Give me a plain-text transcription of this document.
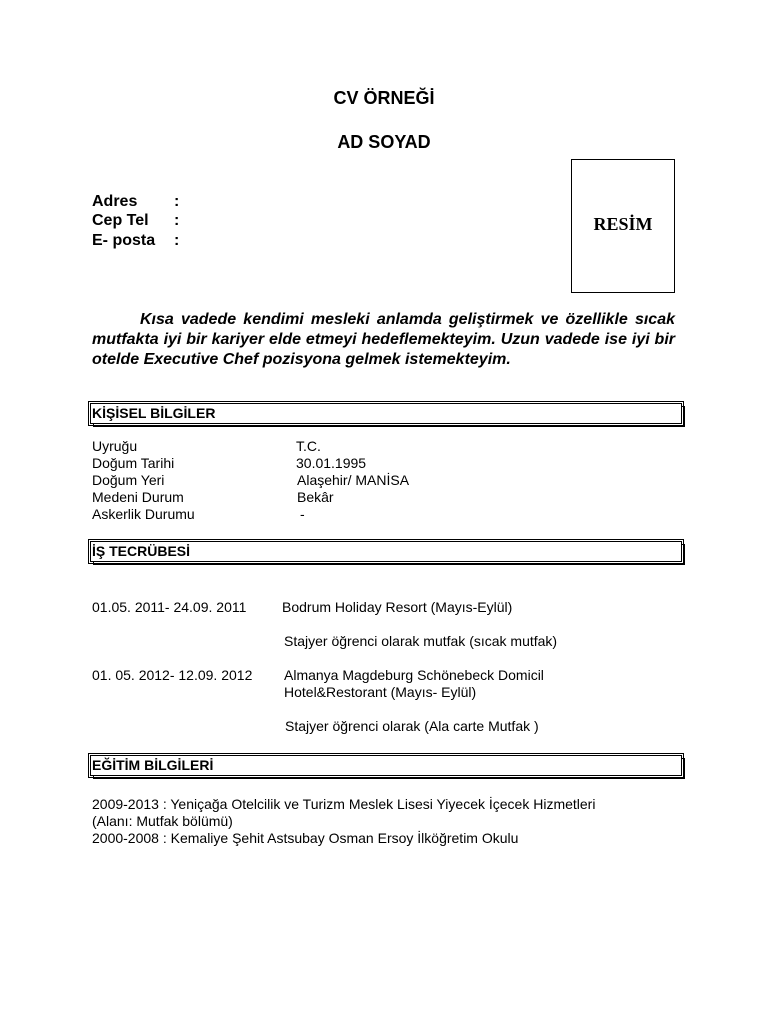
CV ÖRNEĞİ
AD SOYAD
Adres :
Cep Tel :
E- posta :
RESİM
Kısa vadede kendimi mesleki anlamda geliştirmek ve özellikle sıcak mutfakta iyi bir kariyer elde etmeyi hedeflemekteyim. Uzun vadede ise iyi bir otelde Executive Chef pozisyona gelmek istemekteyim.
KİŞİSEL BİLGİLER
Uyruğu	T.C.
Doğum Tarihi	30.01.1995
Doğum Yeri	Alaşehir/ MANİSA
Medeni Durum	Bekâr
Askerlik Durumu	-
İŞ TECRÜBESİ
01.05. 2011- 24.09. 2011	Bodrum Holiday Resort (Mayıs-Eylül)
Stajyer öğrenci olarak mutfak (sıcak mutfak)
01. 05. 2012- 12.09. 2012 Almanya Magdeburg Schönebeck Domicil
Hotel&Restorant (Mayıs- Eylül)
Stajyer öğrenci olarak (Ala carte Mutfak )
EĞİTİM BİLGİLERİ
2009-2013 : Yeniçağa Otelcilik ve Turizm Meslek Lisesi Yiyecek İçecek Hizmetleri
(Alanı: Mutfak bölümü)
2000-2008 : Kemaliye Şehit Astsubay Osman Ersoy İlköğretim Okulu
